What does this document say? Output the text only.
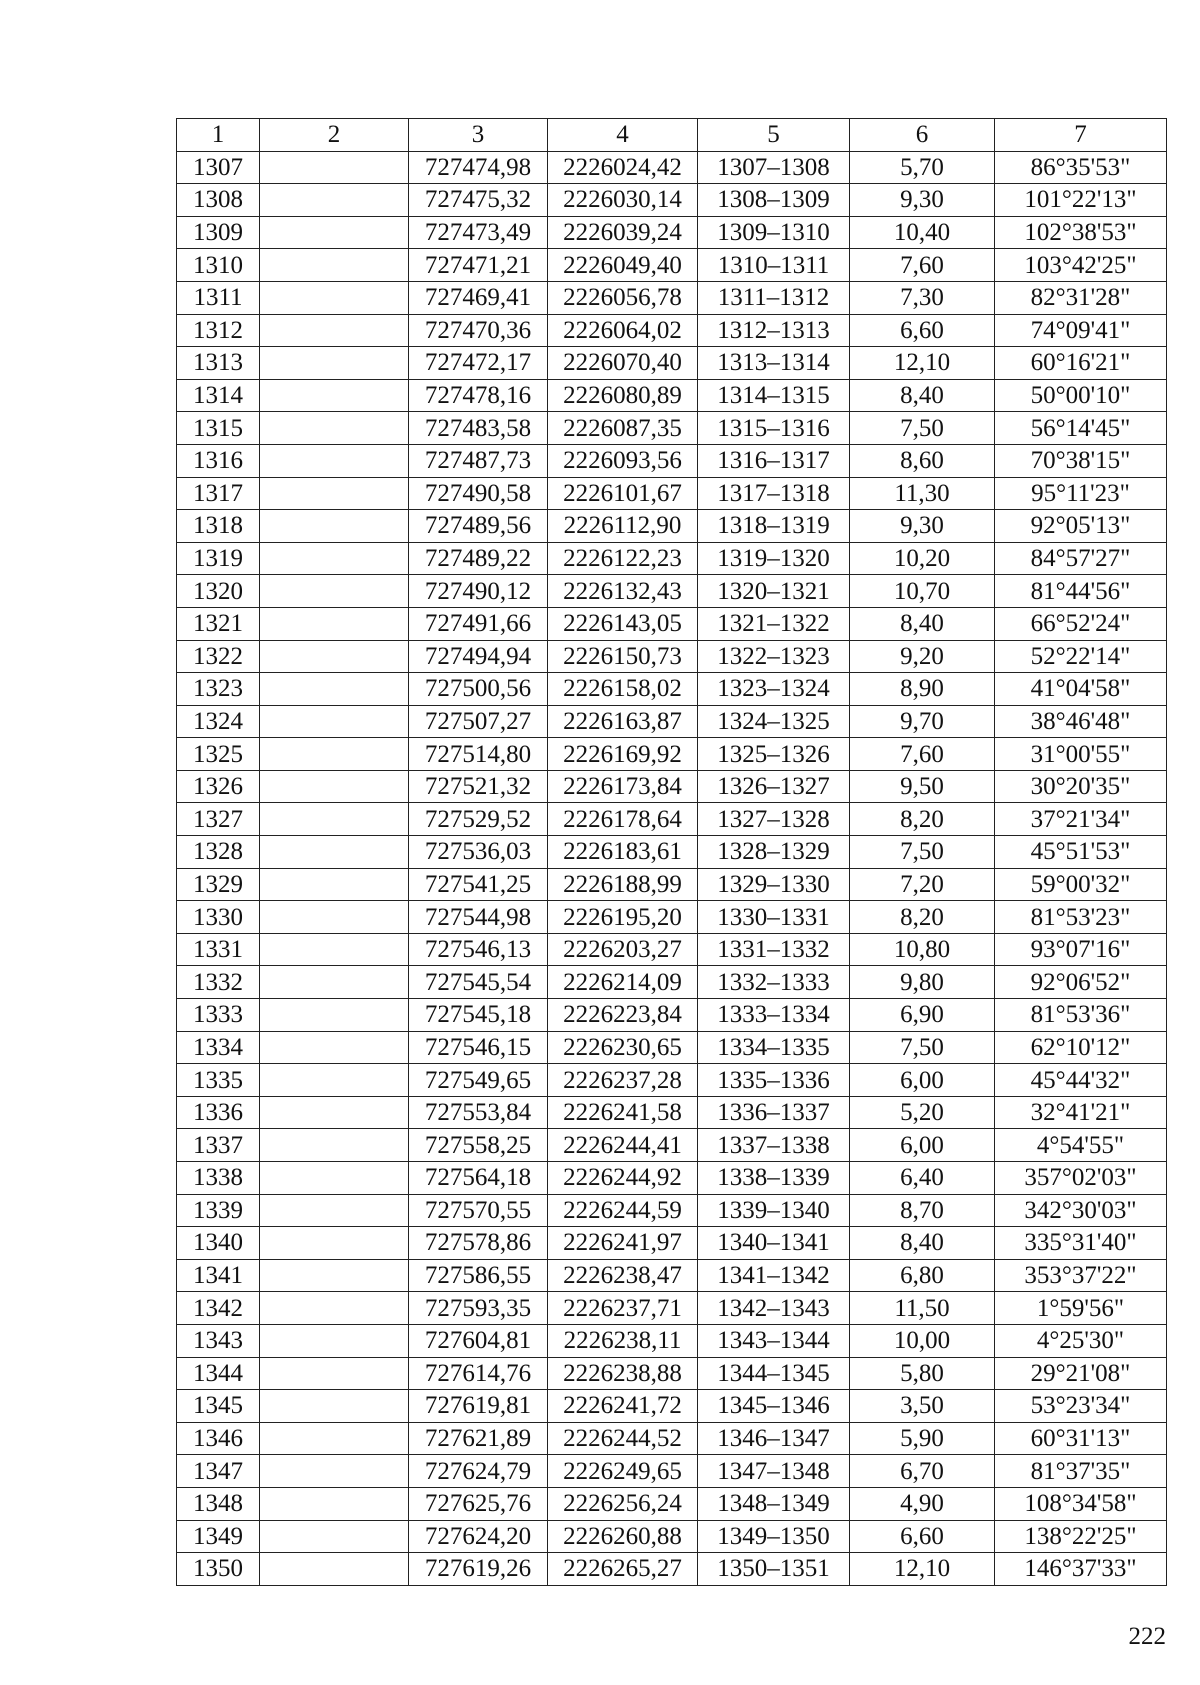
1	2	3	4	5	6	7
1307		727474,98	2226024,42	1307–1308	5,70	86°35'53"
1308		727475,32	2226030,14	1308–1309	9,30	101°22'13"
1309		727473,49	2226039,24	1309–1310	10,40	102°38'53"
1310		727471,21	2226049,40	1310–1311	7,60	103°42'25"
1311		727469,41	2226056,78	1311–1312	7,30	82°31'28"
1312		727470,36	2226064,02	1312–1313	6,60	74°09'41"
1313		727472,17	2226070,40	1313–1314	12,10	60°16'21"
1314		727478,16	2226080,89	1314–1315	8,40	50°00'10"
1315		727483,58	2226087,35	1315–1316	7,50	56°14'45"
1316		727487,73	2226093,56	1316–1317	8,60	70°38'15"
1317		727490,58	2226101,67	1317–1318	11,30	95°11'23"
1318		727489,56	2226112,90	1318–1319	9,30	92°05'13"
1319		727489,22	2226122,23	1319–1320	10,20	84°57'27"
1320		727490,12	2226132,43	1320–1321	10,70	81°44'56"
1321		727491,66	2226143,05	1321–1322	8,40	66°52'24"
1322		727494,94	2226150,73	1322–1323	9,20	52°22'14"
1323		727500,56	2226158,02	1323–1324	8,90	41°04'58"
1324		727507,27	2226163,87	1324–1325	9,70	38°46'48"
1325		727514,80	2226169,92	1325–1326	7,60	31°00'55"
1326		727521,32	2226173,84	1326–1327	9,50	30°20'35"
1327		727529,52	2226178,64	1327–1328	8,20	37°21'34"
1328		727536,03	2226183,61	1328–1329	7,50	45°51'53"
1329		727541,25	2226188,99	1329–1330	7,20	59°00'32"
1330		727544,98	2226195,20	1330–1331	8,20	81°53'23"
1331		727546,13	2226203,27	1331–1332	10,80	93°07'16"
1332		727545,54	2226214,09	1332–1333	9,80	92°06'52"
1333		727545,18	2226223,84	1333–1334	6,90	81°53'36"
1334		727546,15	2226230,65	1334–1335	7,50	62°10'12"
1335		727549,65	2226237,28	1335–1336	6,00	45°44'32"
1336		727553,84	2226241,58	1336–1337	5,20	32°41'21"
1337		727558,25	2226244,41	1337–1338	6,00	4°54'55"
1338		727564,18	2226244,92	1338–1339	6,40	357°02'03"
1339		727570,55	2226244,59	1339–1340	8,70	342°30'03"
1340		727578,86	2226241,97	1340–1341	8,40	335°31'40"
1341		727586,55	2226238,47	1341–1342	6,80	353°37'22"
1342		727593,35	2226237,71	1342–1343	11,50	1°59'56"
1343		727604,81	2226238,11	1343–1344	10,00	4°25'30"
1344		727614,76	2226238,88	1344–1345	5,80	29°21'08"
1345		727619,81	2226241,72	1345–1346	3,50	53°23'34"
1346		727621,89	2226244,52	1346–1347	5,90	60°31'13"
1347		727624,79	2226249,65	1347–1348	6,70	81°37'35"
1348		727625,76	2226256,24	1348–1349	4,90	108°34'58"
1349		727624,20	2226260,88	1349–1350	6,60	138°22'25"
1350		727619,26	2226265,27	1350–1351	12,10	146°37'33"
222
